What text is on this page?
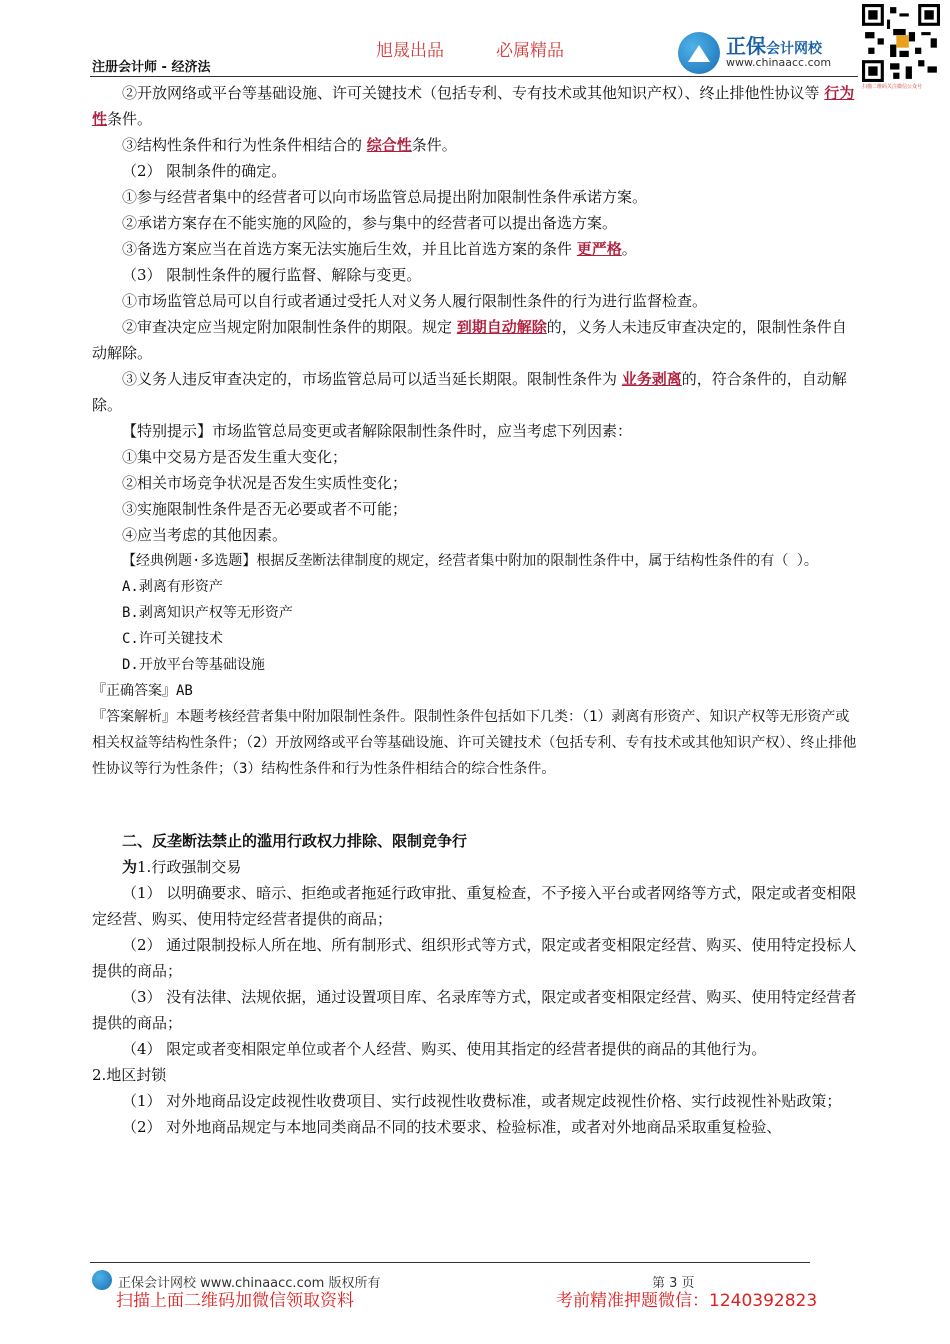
旭晟出品	必属精品
注册会计师 - 经济法
正保会计网校
www.chinaacc.com
扫描二维码关注微信公众号

②开放网络或平台等基础设施、许可关键技术（包括专利、专有技术或其他知识产权）、终止排他性协议等 行为性条件。

③结构性条件和行为性条件相结合的 综合性条件。

（2） 限制条件的确定。

①参与经营者集中的经营者可以向市场监管总局提出附加限制性条件承诺方案。

②承诺方案存在不能实施的风险的，参与集中的经营者可以提出备选方案。

③备选方案应当在首选方案无法实施后生效，并且比首选方案的条件 更严格。

（3） 限制性条件的履行监督、解除与变更。

①市场监管总局可以自行或者通过受托人对义务人履行限制性条件的行为进行监督检查。

②审查决定应当规定附加限制性条件的期限。规定 到期自动解除的，义务人未违反审查决定的，限制性条件自动解除。

③义务人违反审查决定的，市场监管总局可以适当延长期限。限制性条件为 业务剥离的，符合条件的，自动解除。

【特别提示】市场监管总局变更或者解除限制性条件时，应当考虑下列因素：

①集中交易方是否发生重大变化；

②相关市场竞争状况是否发生实质性变化；

③实施限制性条件是否无必要或者不可能；

④应当考虑的其他因素。

【经典例题·多选题】根据反垄断法律制度的规定，经营者集中附加的限制性条件中，属于结构性条件的有（ ）。

A.剥离有形资产

B.剥离知识产权等无形资产

C.许可关键技术

D.开放平台等基础设施

『正确答案』AB

『答案解析』本题考核经营者集中附加限制性条件。限制性条件包括如下几类：（1）剥离有形资产、知识产权等无形资产或相关权益等结构性条件；（2）开放网络或平台等基础设施、许可关键技术（包括专利、专有技术或其他知识产权）、终止排他性协议等行为性条件；（3）结构性条件和行为性条件相结合的综合性条件。

二、反垄断法禁止的滥用行政权力排除、限制竞争行

为1.行政强制交易

（1） 以明确要求、暗示、拒绝或者拖延行政审批、重复检查，不予接入平台或者网络等方式，限定或者变相限定经营、购买、使用特定经营者提供的商品；

（2） 通过限制投标人所在地、所有制形式、组织形式等方式，限定或者变相限定经营、购买、使用特定投标人提供的商品；

（3） 没有法律、法规依据，通过设置项目库、名录库等方式，限定或者变相限定经营、购买、使用特定经营者提供的商品；

（4） 限定或者变相限定单位或者个人经营、购买、使用其指定的经营者提供的商品的其他行为。

2.地区封锁

（1） 对外地商品设定歧视性收费项目、实行歧视性收费标准，或者规定歧视性价格、实行歧视性补贴政策；

（2） 对外地商品规定与本地同类商品不同的技术要求、检验标准，或者对外地商品采取重复检验、

正保会计网校 www.chinaacc.com 版权所有	第 3 页
扫描上面二维码加微信领取资料	考前精准押题微信：1240392823
